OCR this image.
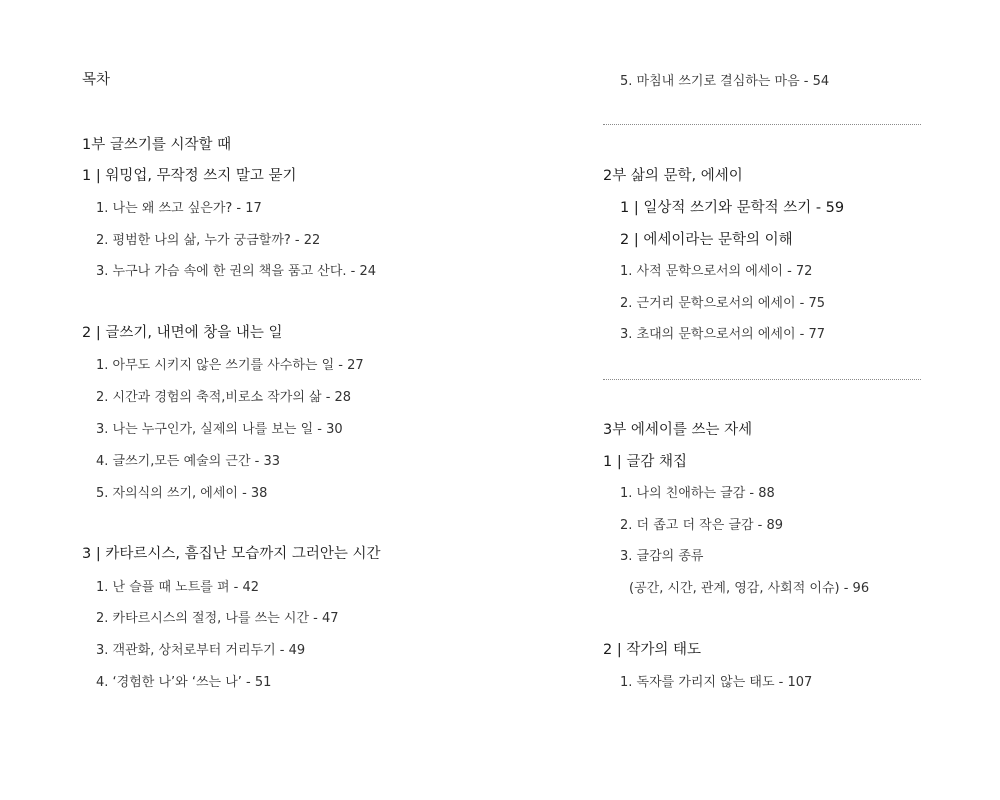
목차
1부 글쓰기를 시작할 때
1 | 워밍업, 무작정 쓰지 말고 묻기
1. 나는 왜 쓰고 싶은가? - 17
2. 평범한 나의 삶, 누가 궁금할까? - 22
3. 누구나 가슴 속에 한 권의 책을 품고 산다. - 24
2 | 글쓰기, 내면에 창을 내는 일
1. 아무도 시키지 않은 쓰기를 사수하는 일 - 27
2. 시간과 경험의 축적,비로소 작가의 삶 - 28
3. 나는 누구인가, 실제의 나를 보는 일 - 30
4. 글쓰기,모든 예술의 근간 - 33
5. 자의식의 쓰기, 에세이 - 38
3 | 카타르시스, 흠집난 모습까지 그러안는 시간
1. 난 슬플 때 노트를 펴 - 42
2. 카타르시스의 절정, 나를 쓰는 시간 - 47
3. 객관화, 상처로부터 거리두기 - 49
4. ‘경험한 나’와 ‘쓰는 나’ - 51
5. 마침내 쓰기로 결심하는 마음 - 54
2부 삶의 문학, 에세이
1 | 일상적 쓰기와 문학적 쓰기 - 59
2 | 에세이라는 문학의 이해
1. 사적 문학으로서의 에세이 - 72
2. 근거리 문학으로서의 에세이 - 75
3. 초대의 문학으로서의 에세이 - 77
3부 에세이를 쓰는 자세
1 | 글감 채집
1. 나의 친애하는 글감 - 88
2. 더 좁고 더 작은 글감 - 89
3. 글감의 종류
(공간, 시간, 관계, 영감, 사회적 이슈) - 96
2 | 작가의 태도
1. 독자를 가리지 않는 태도 - 107
